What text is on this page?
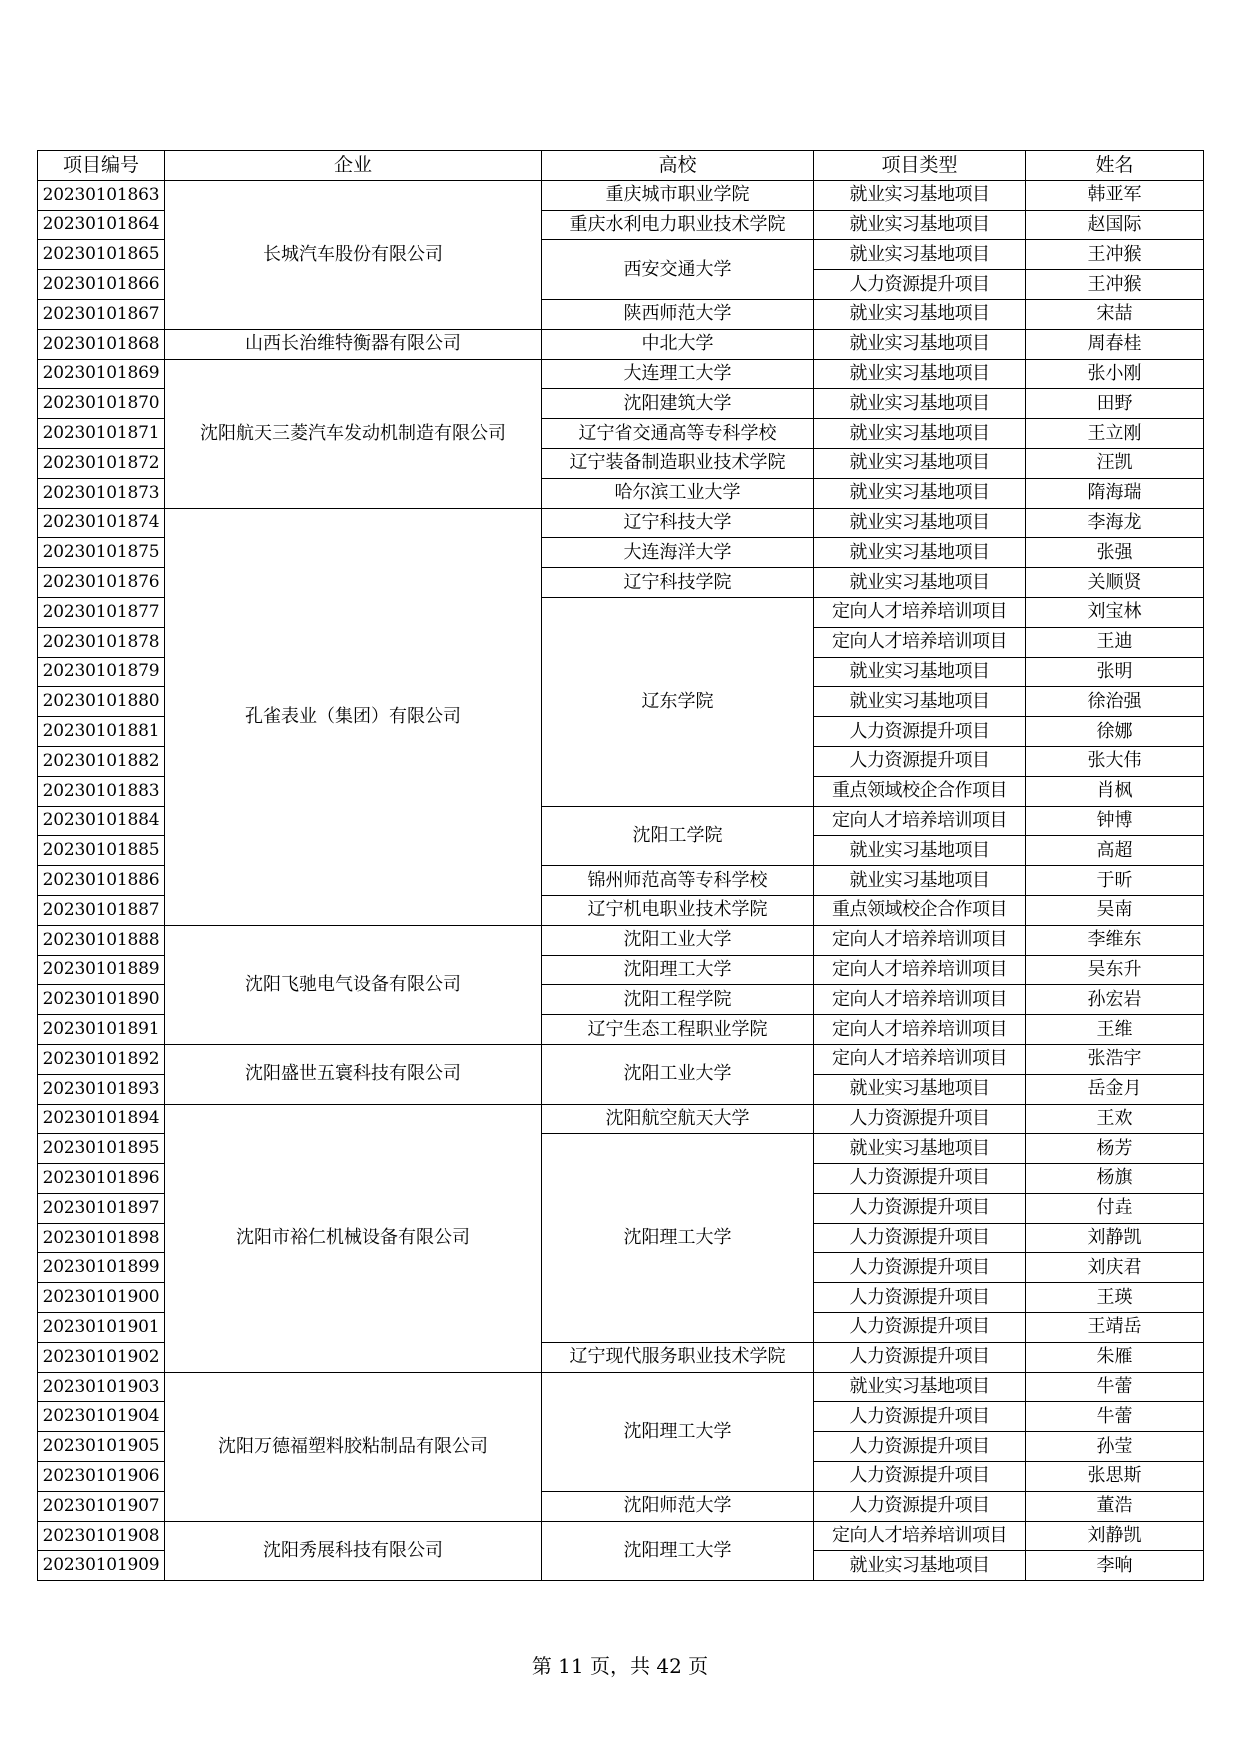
项目编号	企业	高校	项目类型	姓名
20230101863	长城汽车股份有限公司	重庆城市职业学院	就业实习基地项目	韩亚军
20230101864		重庆水利电力职业技术学院	就业实习基地项目	赵国际
20230101865		西安交通大学	就业实习基地项目	王冲猴
20230101866			人力资源提升项目	王冲猴
20230101867		陕西师范大学	就业实习基地项目	宋喆
20230101868	山西长治维特衡器有限公司	中北大学	就业实习基地项目	周春桂
20230101869	沈阳航天三菱汽车发动机制造有限公司	大连理工大学	就业实习基地项目	张小刚
20230101870		沈阳建筑大学	就业实习基地项目	田野
20230101871		辽宁省交通高等专科学校	就业实习基地项目	王立刚
20230101872		辽宁装备制造职业技术学院	就业实习基地项目	汪凯
20230101873		哈尔滨工业大学	就业实习基地项目	隋海瑞
20230101874	孔雀表业（集团）有限公司	辽宁科技大学	就业实习基地项目	李海龙
20230101875		大连海洋大学	就业实习基地项目	张强
20230101876		辽宁科技学院	就业实习基地项目	关顺贤
20230101877		辽东学院	定向人才培养培训项目	刘宝林
20230101878			定向人才培养培训项目	王迪
20230101879			就业实习基地项目	张明
20230101880			就业实习基地项目	徐治强
20230101881			人力资源提升项目	徐娜
20230101882			人力资源提升项目	张大伟
20230101883			重点领域校企合作项目	肖枫
20230101884		沈阳工学院	定向人才培养培训项目	钟博
20230101885			就业实习基地项目	高超
20230101886		锦州师范高等专科学校	就业实习基地项目	于昕
20230101887		辽宁机电职业技术学院	重点领域校企合作项目	吴南
20230101888	沈阳飞驰电气设备有限公司	沈阳工业大学	定向人才培养培训项目	李维东
20230101889		沈阳理工大学	定向人才培养培训项目	吴东升
20230101890		沈阳工程学院	定向人才培养培训项目	孙宏岩
20230101891		辽宁生态工程职业学院	定向人才培养培训项目	王维
20230101892	沈阳盛世五寰科技有限公司	沈阳工业大学	定向人才培养培训项目	张浩宇
20230101893			就业实习基地项目	岳金月
20230101894	沈阳市裕仁机械设备有限公司	沈阳航空航天大学	人力资源提升项目	王欢
20230101895		沈阳理工大学	就业实习基地项目	杨芳
20230101896			人力资源提升项目	杨旗
20230101897			人力资源提升项目	付垚
20230101898			人力资源提升项目	刘静凯
20230101899			人力资源提升项目	刘庆君
20230101900			人力资源提升项目	王瑛
20230101901			人力资源提升项目	王靖岳
20230101902		辽宁现代服务职业技术学院	人力资源提升项目	朱雁
20230101903	沈阳万德福塑料胶粘制品有限公司	沈阳理工大学	就业实习基地项目	牛蕾
20230101904			人力资源提升项目	牛蕾
20230101905			人力资源提升项目	孙莹
20230101906			人力资源提升项目	张思斯
20230101907		沈阳师范大学	人力资源提升项目	董浩
20230101908	沈阳秀展科技有限公司	沈阳理工大学	定向人才培养培训项目	刘静凯
20230101909			就业实习基地项目	李响
第 11 页，共 42 页
